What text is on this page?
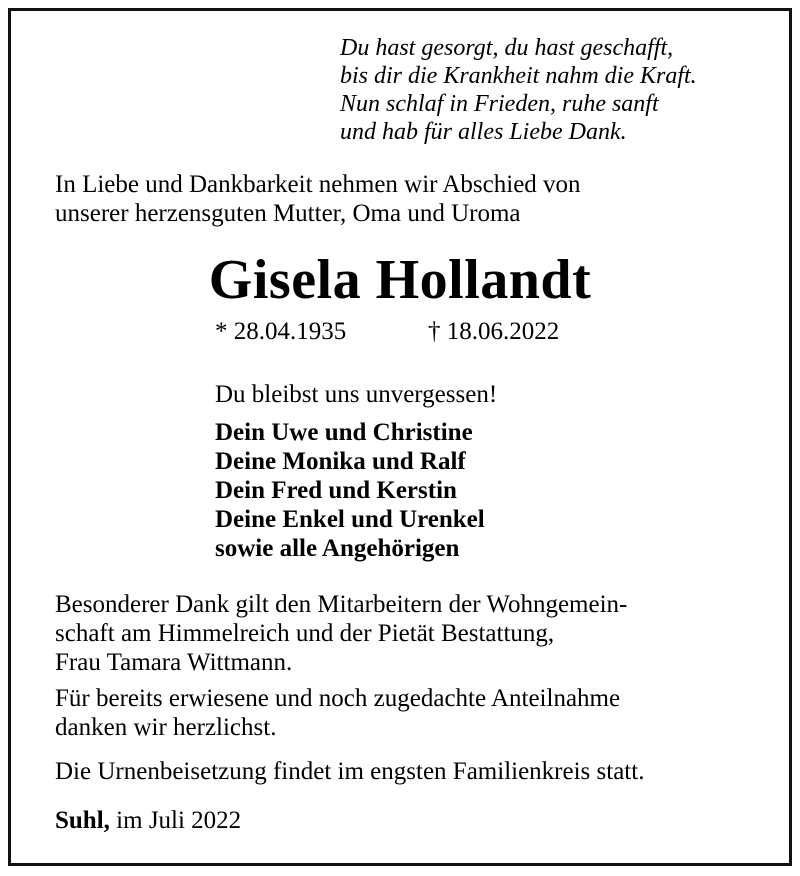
Du hast gesorgt, du hast geschafft,
bis dir die Krankheit nahm die Kraft.
Nun schlaf in Frieden, ruhe sanft
und hab für alles Liebe Dank.
In Liebe und Dankbarkeit nehmen wir Abschied von
unserer herzensguten Mutter, Oma und Uroma
Gisela Hollandt
* 28.04.1935	† 18.06.2022
Du bleibst uns unvergessen!
Dein Uwe und Christine
Deine Monika und Ralf
Dein Fred und Kerstin
Deine Enkel und Urenkel
sowie alle Angehörigen
Besonderer Dank gilt den Mitarbeitern der Wohngemein-
schaft am Himmelreich und der Pietät Bestattung,
Frau Tamara Wittmann.
Für bereits erwiesene und noch zugedachte Anteilnahme
danken wir herzlichst.
Die Urnenbeisetzung findet im engsten Familienkreis statt.
Suhl, im Juli 2022
